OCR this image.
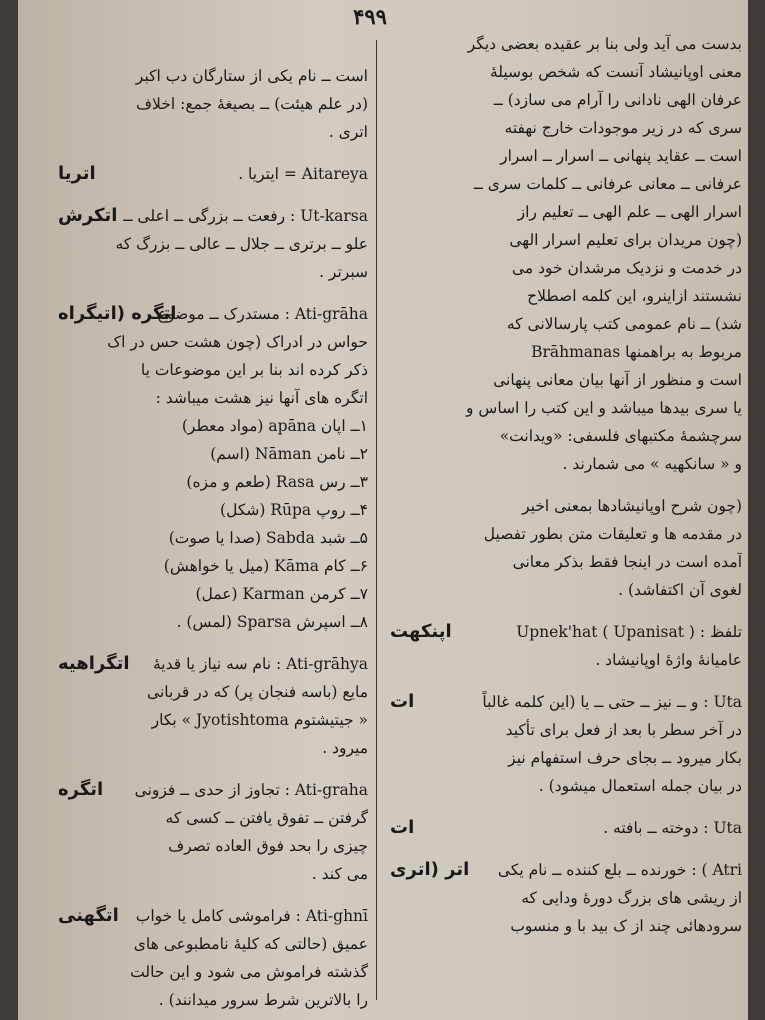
۴۹۹
بدست می آید ولی بنا بر عقیده بعضی دیگر
معنی اوپانیشاد آنست که شخص بوسیلهٔ
عرفان الهی نادانی را آرام می سازد) ــ
سری که در زیر موجودات خارج نهفته
است ــ عقاید پنهانی ــ اسرار ــ اسرار
عرفانی ــ معانی عرفانی ــ کلمات سری ــ
اسرار الهی ــ علم الهی ــ تعلیم راز
(چون مریدان برای تعلیم اسرار الهی
در خدمت و نزدیک مرشدان خود می
نشستند ازاینرو، این کلمه اصطلاح
شد) ــ نام عمومی کتب پارسالانی که
مربوط به براهمنها Brāhmanas
است و منظور از آنها بیان معانی پنهانی
یا سری بیدها میباشد و این کتب را اساس و
سرچشمهٔ مکتبهای فلسفی: «ویدانت»
و « سانکهیه » می شمارند .
(چون شرح اوپانیشادها بمعنی اخیر
در مقدمه ها و تعلیقات متن بطور تفصیل
آمده است در اینجا فقط بذکر معانی
لغوی آن اکتفاشد) .
اپنکهت	تلفظ : ( Upanisat ) Upnek'hat
عامیانهٔ واژهٔ اوپانیشاد .
ات	Uta : و ــ نیز ــ حتی ــ یا (این کلمه غالباً
در آخر سطر با بعد از فعل برای تأکید
بکار میرود ــ بجای حرف استفهام نیز
در بیان جمله استعمال میشود) .
ات	Uta : دوخته ــ بافته .
اتر (اتری	Atri ) : خورنده ــ بلع کننده ــ نام یکی
از ریشی های بزرگ دورهٔ ودایی که
سرودهائی چند از ک بید با و منسوب
است ــ نام یکی از ستارگان دب اکبر
(در علم هیئت) ــ بصیغهٔ جمع: اخلاف
اتری .
اتریا	Aitareya = ایتریا .
اتکرش Ut-karsa : رفعت ــ بزرگی ــ اعلی ــ
علو ــ برتری ــ جلال ــ عالی ــ بزرگ که
سبرتر .
اتگره (اتیگراه
Ati-grāha : مستدرک ــ موضوع
حواس در ادراک (چون هشت حس در اک
ذکر کرده اند بنا بر این موضوعات یا
اتگره های آنها نیز هشت میباشد :
۱ــ اپان apāna (مواد معطر)
۲ــ نامن Nāman (اسم)
۳ــ رس Rasa (طعم و مزه)
۴ــ روپ Rūpa (شکل)
۵ــ شبد Sabda (صدا یا صوت)
۶ــ کام Kāma (میل یا خواهش)
۷ــ کرمن Karman (عمل)
۸ــ اسپرش Sparsa (لمس) .
اتگراهیه	Ati-grāhya : نام سه نیاز یا قدیهٔ
مایع (باسه فنجان پر) که در قربانی
« جیتیشتوم Jyotishtoma » بکار
میرود .
اتگره	Ati-graha : تجاوز از حدی ــ فزونی
گرفتن ــ تفوق یافتن ــ کسی که
چیزی را بحد فوق العاده تصرف
می کند .
اتگهنی	Ati-ghnī : فراموشی کامل یا خواب
عمیق (حالتی که کلیهٔ نامطبوعی های
گذشته فراموش می شود و این حالت
را بالاترین شرط سرور میدانند) .
